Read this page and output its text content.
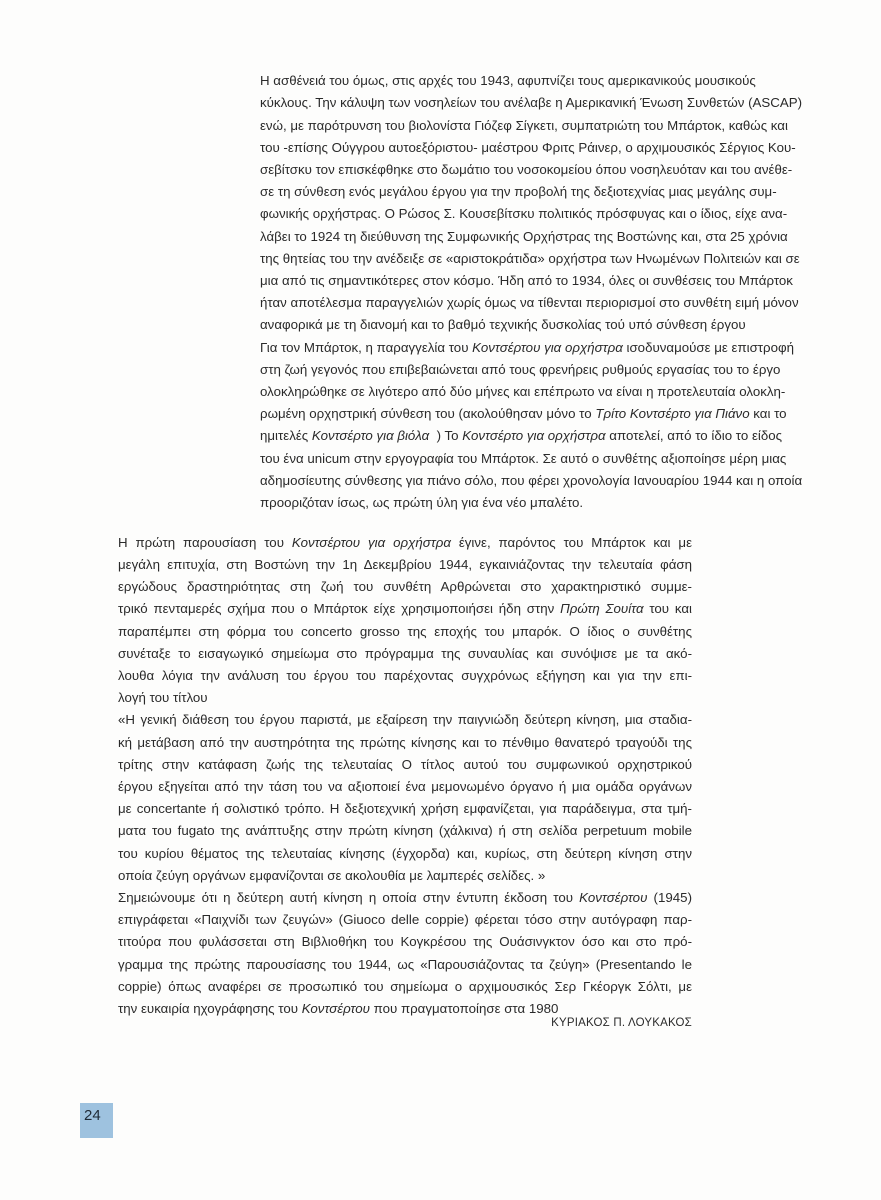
Η ασθένειά του όμως, στις αρχές του 1943, αφυπνίζει τους αμερικανικούς μουσικούς
κύκλους. Την κάλυψη των νοσηλείων του ανέλαβε η Αμερικανική Ένωση Συνθετών (ASCAP)
ενώ, με παρότρυνση του βιολονίστα Γιόζεφ Σίγκετι, συμπατριώτη του Μπάρτοκ, καθώς και
του -επίσης Ούγγρου αυτοεξόριστου- μαέστρου Φριτς Ράινερ, ο αρχιμουσικός Σέργιος Κου-
σεβίτσκυ τον επισκέφθηκε στο δωμάτιο του νοσοκομείου όπου νοσηλευόταν και του ανέθε-
σε τη σύνθεση ενός μεγάλου έργου για την προβολή της δεξιοτεχνίας μιας μεγάλης συμ-
φωνικής ορχήστρας. Ο Ρώσος Σ. Κουσεβίτσκυ πολιτικός πρόσφυγας και ο ίδιος, είχε ανα-
λάβει το 1924 τη διεύθυνση της Συμφωνικής Ορχήστρας της Βοστώνης και, στα 25 χρόνια
της θητείας του την ανέδειξε σε «αριστοκράτιδα» ορχήστρα των Ηνωμένων Πολιτειών και σε
μια από τις σημαντικότερες στον κόσμο. Ήδη από το 1934, όλες οι συνθέσεις του Μπάρτοκ
ήταν αποτέλεσμα παραγγελιών χωρίς όμως να τίθενται περιορισμοί στο συνθέτη ειμή μόνον
αναφορικά με τη διανομή και το βαθμό τεχνικής δυσκολίας τού υπό σύνθεση έργου
Για τον Μπάρτοκ, η παραγγελία του Κοντσέρτου για ορχήστρα ισοδυναμούσε με επιστροφή
στη ζωή γεγονός που επιβεβαιώνεται από τους φρενήρεις ρυθμούς εργασίας του το έργο
ολοκληρώθηκε σε λιγότερο από δύο μήνες και επέπρωτο να είναι η προτελευταία ολοκλη-
ρωμένη ορχηστρική σύνθεση του (ακολούθησαν μόνο το Τρίτο Κοντσέρτο για Πιάνο και το
ημιτελές Κοντσέρτο για βιόλα  ) Το Κοντσέρτο για ορχήστρα αποτελεί, από το ίδιο το είδος
του ένα unicum στην εργογραφία του Μπάρτοκ. Σε αυτό ο συνθέτης αξιοποίησε μέρη μιας
αδημοσίευτης σύνθεσης για πιάνο σόλο, που φέρει χρονολογία Ιανουαρίου 1944 και η οποία
προοριζόταν ίσως, ως πρώτη ύλη για ένα νέο μπαλέτο.
Η πρώτη παρουσίαση του Κοντσέρτου για ορχήστρα έγινε, παρόντος του Μπάρτοκ και με
μεγάλη επιτυχία, στη Βοστώνη την 1η Δεκεμβρίου 1944, εγκαινιάζοντας την τελευταία φάση
εργώδους δραστηριότητας στη ζωή του συνθέτη Αρθρώνεται στο χαρακτηριστικό συμμε-
τρικό πενταμερές σχήμα που ο Μπάρτοκ είχε χρησιμοποιήσει ήδη στην Πρώτη Σουίτα του και
παραπέμπει στη φόρμα του concerto grosso της εποχής του μπαρόκ. Ο ίδιος ο συνθέτης
συνέταξε το εισαγωγικό σημείωμα στο πρόγραμμα της συναυλίας και συνόψισε με τα ακό-
λουθα λόγια την ανάλυση του έργου του παρέχοντας συγχρόνως εξήγηση και για την επι-
λογή του τίτλου
«Η γενική διάθεση του έργου παριστά, με εξαίρεση την παιγνιώδη δεύτερη κίνηση, μια σταδια-
κή μετάβαση από την αυστηρότητα της πρώτης κίνησης και το πένθιμο θανατερό τραγούδι της
τρίτης στην κατάφαση ζωής της τελευταίας Ο τίτλος αυτού του συμφωνικού ορχηστρικού
έργου εξηγείται από την τάση του να αξιοποιεί ένα μεμονωμένο όργανο ή μια ομάδα οργάνων
με concertante ή σολιστικό τρόπο. Η δεξιοτεχνική χρήση εμφανίζεται, για παράδειγμα, στα τμή-
ματα του fugato της ανάπτυξης στην πρώτη κίνηση (χάλκινα) ή στη σελίδα perpetuum mobile
του κυρίου θέματος της τελευταίας κίνησης (έγχορδα) και, κυρίως, στη δεύτερη κίνηση στην
οποία ζεύγη οργάνων εμφανίζονται σε ακολουθία με λαμπερές σελίδες. »
Σημειώνουμε ότι η δεύτερη αυτή κίνηση η οποία στην έντυπη έκδοση του Κοντσέρτου (1945)
επιγράφεται «Παιχνίδι των ζευγών» (Giuoco delle coppie) φέρεται τόσο στην αυτόγραφη παρ-
τιτούρα που φυλάσσεται στη Βιβλιοθήκη του Κογκρέσου της Ουάσινγκτον όσο και στο πρό-
γραμμα της πρώτης παρουσίασης του 1944, ως «Παρουσιάζοντας τα ζεύγη» (Presentando le
coppie) όπως αναφέρει σε προσωπικό του σημείωμα ο αρχιμουσικός Σερ Γκέοργκ Σόλτι, με
την ευκαιρία ηχογράφησης του Κοντσέρτου που πραγματοποίησε στα 1980
ΚΥΡΙΑΚΟΣ Π. ΛΟΥΚΑΚΟΣ
24
